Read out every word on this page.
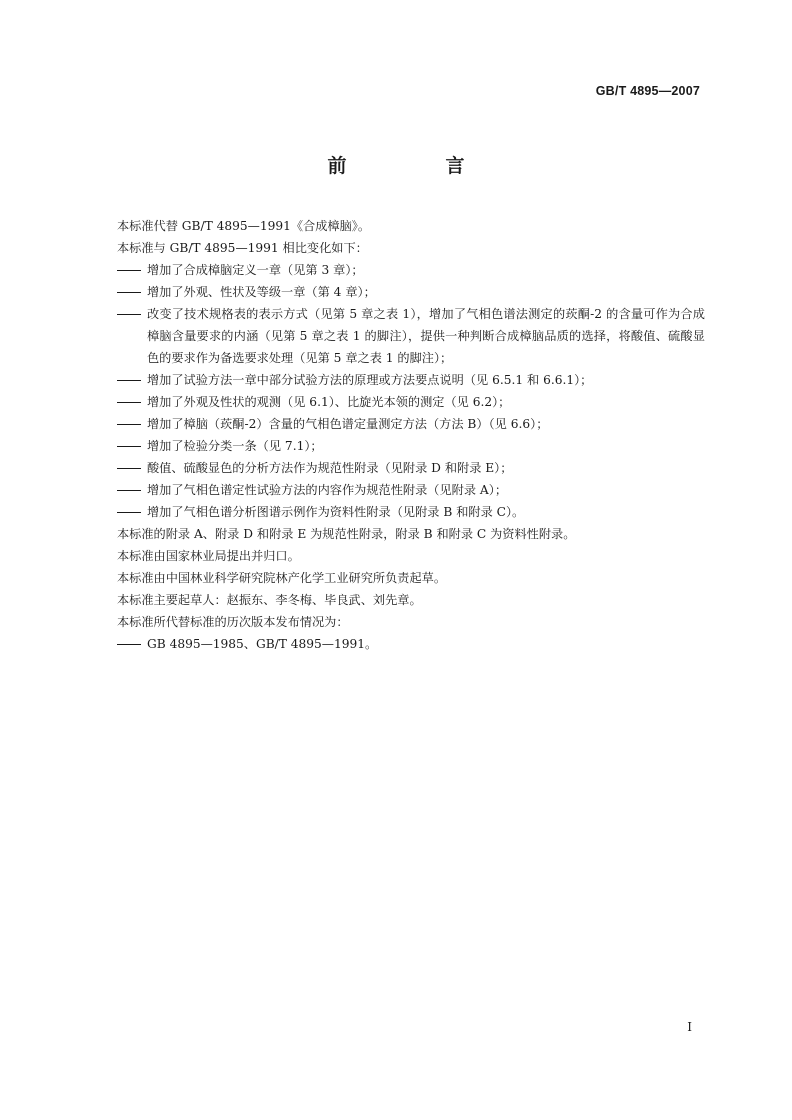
GB/T 4895—2007
前　言
本标准代替 GB/T 4895—1991《合成樟脑》。
本标准与 GB/T 4895—1991 相比变化如下：
增加了合成樟脑定义一章（见第 3 章）；
增加了外观、性状及等级一章（第 4 章）；
改变了技术规格表的表示方式（见第 5 章之表 1），增加了气相色谱法测定的莰酮-2 的含量可作为合成樟脑含量要求的内涵（见第 5 章之表 1 的脚注），提供一种判断合成樟脑品质的选择，将酸值、硫酸显色的要求作为备选要求处理（见第 5 章之表 1 的脚注）；
增加了试验方法一章中部分试验方法的原理或方法要点说明（见 6.5.1 和 6.6.1）；
增加了外观及性状的观测（见 6.1）、比旋光本领的测定（见 6.2）；
增加了樟脑（莰酮-2）含量的气相色谱定量测定方法（方法 B）（见 6.6）；
增加了检验分类一条（见 7.1）；
酸值、硫酸显色的分析方法作为规范性附录（见附录 D 和附录 E）；
增加了气相色谱定性试验方法的内容作为规范性附录（见附录 A）；
增加了气相色谱分析图谱示例作为资料性附录（见附录 B 和附录 C）。
本标准的附录 A、附录 D 和附录 E 为规范性附录，附录 B 和附录 C 为资料性附录。
本标准由国家林业局提出并归口。
本标准由中国林业科学研究院林产化学工业研究所负责起草。
本标准主要起草人：赵振东、李冬梅、毕良武、刘先章。
本标准所代替标准的历次版本发布情况为：
GB 4895—1985、GB/T 4895—1991。
I
